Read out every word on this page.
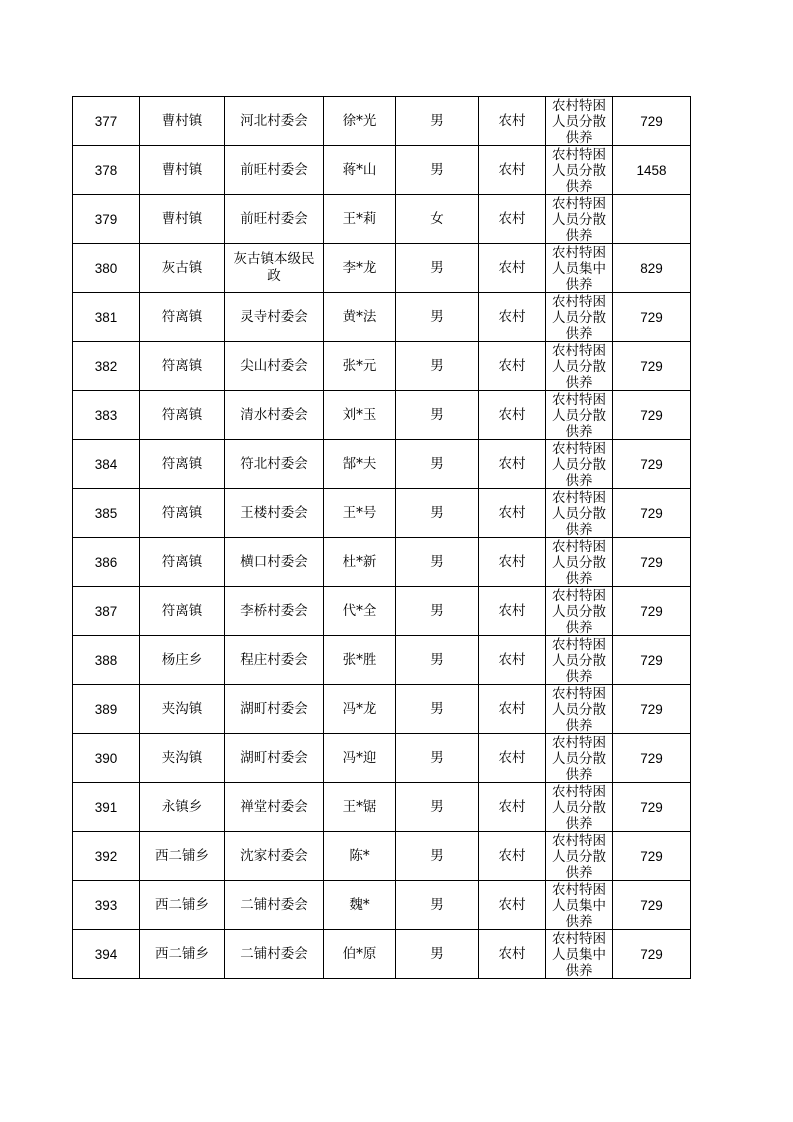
377	曹村镇	河北村委会	徐*光	男	农村	农村特困人员分散供养	729
378	曹村镇	前旺村委会	蒋*山	男	农村	农村特困人员分散供养	1458
379	曹村镇	前旺村委会	王*莉	女	农村	农村特困人员分散供养	

380	灰古镇	灰古镇本级民政	李*龙	男	农村	农村特困人员集中供养	829
381	符离镇	灵寺村委会	黄*法	男	农村	农村特困人员分散供养	729
382	符离镇	尖山村委会	张*元	男	农村	农村特困人员分散供养	729
383	符离镇	清水村委会	刘*玉	男	农村	农村特困人员分散供养	729
384	符离镇	符北村委会	郜*夫	男	农村	农村特困人员分散供养	729
385	符离镇	王楼村委会	王*号	男	农村	农村特困人员分散供养	729
386	符离镇	横口村委会	杜*新	男	农村	农村特困人员分散供养	729
387	符离镇	李桥村委会	代*全	男	农村	农村特困人员分散供养	729
388	杨庄乡	程庄村委会	张*胜	男	农村	农村特困人员分散供养	729
389	夹沟镇	湖町村委会	冯*龙	男	农村	农村特困人员分散供养	729
390	夹沟镇	湖町村委会	冯*迎	男	农村	农村特困人员分散供养	729
391	永镇乡	禅堂村委会	王*锯	男	农村	农村特困人员分散供养	729
392	西二铺乡	沈家村委会	陈*	男	农村	农村特困人员分散供养	729
393	西二铺乡	二铺村委会	魏*	男	农村	农村特困人员集中供养	729
394	西二铺乡	二铺村委会	伯*原	男	农村	农村特困人员集中供养	729
